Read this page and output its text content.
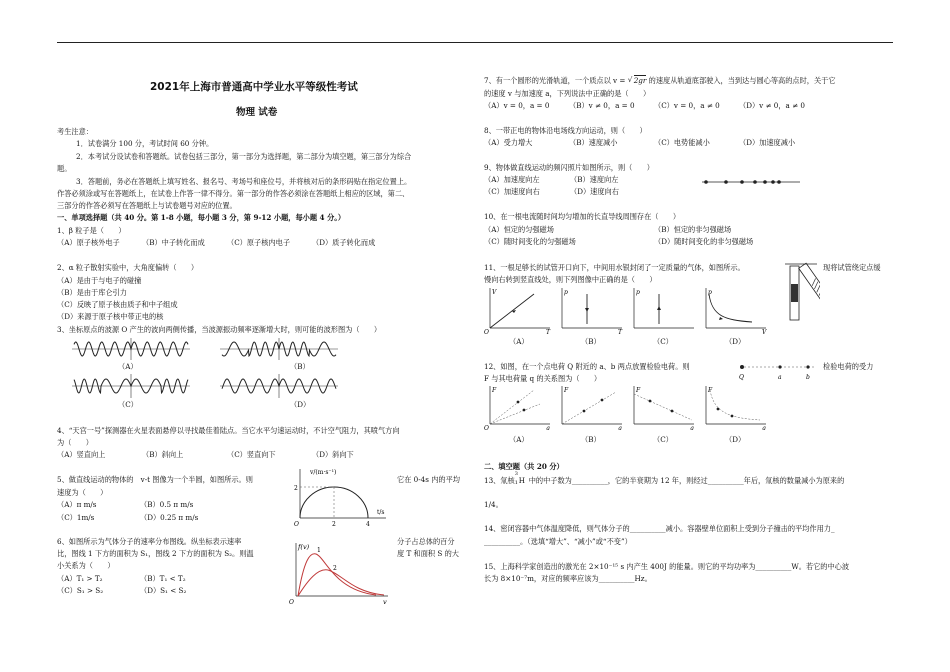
2021年上海市普通高中学业水平等级性考试
物理 试卷
考生注意：
1．试卷满分 100 分，考试时间 60 分钟。
2．本考试分设试卷和答题纸。试卷包括三部分，第一部分为选择题，第二部分为填空题，第三部分为综合
题。
3．答题前，务必在答题纸上填写姓名、报名号、考场号和座位号，并将核对后的条形码贴在指定位置上。
作答必须涂或写在答题纸上，在试卷上作答一律不得分。第一部分的作答必须涂在答题纸上相应的区域，第二、
三部分的作答必须写在答题纸上与试卷题号对应的位置。
一、单项选择题（共 40 分。第 1-8 小题，每小题 3 分，第 9-12 小题，每小题 4 分。）
1、β 粒子是（　　）
（A）原子核外电子	（B）中子转化而成	（C）原子核内电子	（D）质子转化而成
2、α 粒子散射实验中，大角度偏转（　　）
（A）是由于与电子的碰撞
（B）是由于库仑引力
（C）反映了原子核由质子和中子组成
（D）来源于原子核中带正电的核
3、坐标原点的波源 O 产生的波向两侧传播，当波源振动频率逐渐增大时，则可能的波形图为（　　）
（A）	（B）
（C）	（D）
4、“天宫一号”探测器在火星表面悬停以寻找最佳着陆点。当它水平匀速运动时，不计空气阻力，其喷气方向
为（　　）
（A）竖直向上	（B）斜向上	（C）竖直向下	（D）斜向下
5、做直线运动的物体的　v-t 图像为一个半圆，如图所示。则	它在 0-4s 内的平均
速度为（　　）
（A）π m/s	（B）0.5 π m/s
（C）1m/s	（D）0.25 π m/s
v/(m·s⁻¹)
t/s
2
2	4
O
6、如图所示为气体分子的速率分布图线。纵坐标表示速率	分子占总体的百分
比，图线 1 下方的面积为 S₁，图线 2 下方的面积为 S₂。则温	度 T 和面积 S 的大
小关系为（　　）
（A）T₁ > T₂	（B）T₁ < T₂
（C）S₁ > S₂	（D）S₁ < S₂
f(v)
v
1
2
O
7、有一个圆形的光滑轨道，一个质点以 v = √ 2gr 的速度从轨道底部驶入，当到达与圆心等高的点时，关于它
的速度 v 与加速度 a，下列说法中正确的是（　　）
（A）v = 0，a = 0	（B）v ≠ 0，a = 0	（C）v = 0，a ≠ 0	（D）v ≠ 0，a ≠ 0
8、一带正电的物体沿电场线方向运动，则（　　）
（A）受力增大	（B）速度减小	（C）电势能减小	（D）加速度减小
9、物体做直线运动的频闪照片如图所示，则（　　）
（A）加速度向左	（B）速度向左
（C）加速度向右	（D）速度向右
10、在一根电流随时间均匀增加的长直导线周围存在（　　）
（A）恒定的匀强磁场	（B）恒定的非匀强磁场
（C）随时间变化的匀强磁场	（D）随时间变化的非匀强磁场
11、一根足够长的试管开口向下，中间用水银封闭了一定质量的气体，如图所示。	现将试管绕定点缓
慢向右转到竖直线处，则下列图像中正确的是（　　）
V
T
O
p
T
p	p
V
（A）	（B）	（C）	（D）
12、如图，在一个点电荷 Q 附近的 a、b 两点放置检验电荷。则	检验电荷的受力
F 与其电荷量 q 的关系图为（　　）	Q	a	b
F
q
O
F
q
F
q
F
q
（A）	（B）	（C）	（D）
二、填空题（共 20 分）
13、氚核
3
1 H 中的中子数为__________，它的半衰期为 12 年，则经过__________年后，氚核的数量减小为原来的
1/4。
14、密闭容器中气体温度降低，则气体分子的__________减小。容器壁单位面积上受到分子撞击的平均作用力_
__________。（选填“增大”、“减小”或“不变”）
15、上海科学家创造出的激光在 2×10⁻¹⁵ s 内产生 400J 的能量。则它的平均功率为__________W。若它的中心波
长为 8×10⁻⁷m，对应的频率应该为__________Hz。
